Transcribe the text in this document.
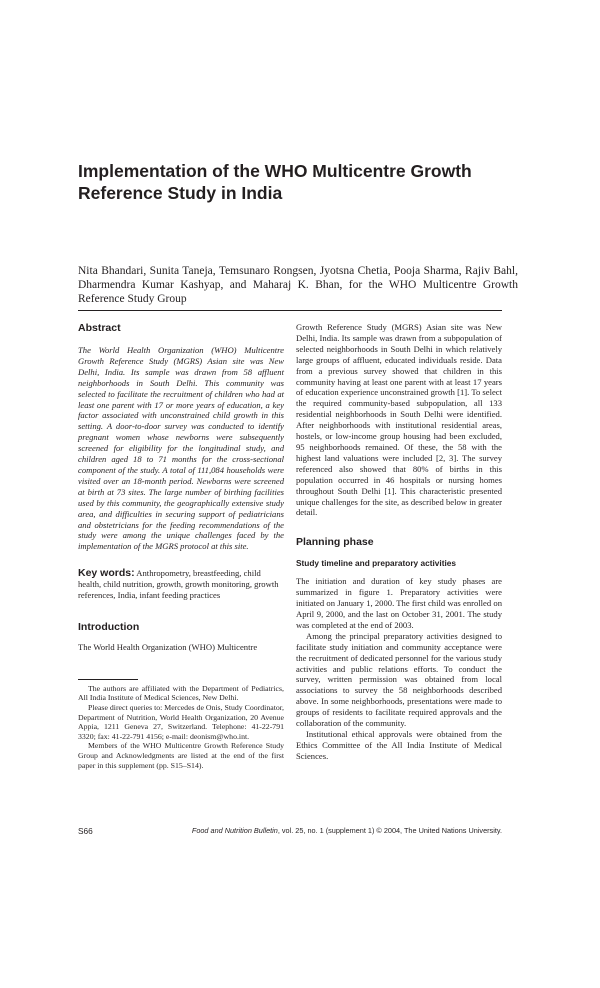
Implementation of the WHO Multicentre Growth Reference Study in India

Nita Bhandari, Sunita Taneja, Temsunaro Rongsen, Jyotsna Chetia, Pooja Sharma, Rajiv Bahl, Dharmendra Kumar Kashyap, and Maharaj K. Bhan, for the WHO Multicentre Growth Reference Study Group

Abstract

The World Health Organization (WHO) Multicentre Growth Reference Study (MGRS) Asian site was New Delhi, India. Its sample was drawn from 58 affluent neighborhoods in South Delhi. This community was selected to facilitate the recruitment of children who had at least one parent with 17 or more years of education, a key factor associated with unconstrained child growth in this setting. A door-to-door survey was conducted to identify pregnant women whose newborns were subsequently screened for eligibility for the longitudinal study, and children aged 18 to 71 months for the cross-sectional component of the study. A total of 111,084 households were visited over an 18-month period. Newborns were screened at birth at 73 sites. The large number of birthing facilities used by this community, the geographically extensive study area, and difficulties in securing support of pediatricians and obstetricians for the feeding recommendations of the study were among the unique challenges faced by the implementation of the MGRS protocol at this site.

Key words: Anthropometry, breastfeeding, child health, child nutrition, growth, growth monitoring, growth references, India, infant feeding practices

Introduction

The World Health Organization (WHO) Multicentre

The authors are affiliated with the Department of Pediatrics, All India Institute of Medical Sciences, New Delhi.

Please direct queries to: Mercedes de Onis, Study Coordinator, Department of Nutrition, World Health Organization, 20 Avenue Appia, 1211 Geneva 27, Switzerland. Telephone: 41-22-791 3320; fax: 41-22-791 4156; e-mail: deonism@who.int.

Members of the WHO Multicentre Growth Reference Study Group and Acknowledgments are listed at the end of the first paper in this supplement (pp. S15–S14).

Growth Reference Study (MGRS) Asian site was New Delhi, India. Its sample was drawn from a subpopulation of selected neighborhoods in South Delhi in which relatively large groups of affluent, educated individuals reside. Data from a previous survey showed that children in this community having at least one parent with at least 17 years of education experience unconstrained growth [1]. To select the required community-based subpopulation, all 133 residential neighborhoods in South Delhi were identified. After neighborhoods with institutional residential areas, hostels, or low-income group housing had been excluded, 95 neighborhoods remained. Of these, the 58 with the highest land valuations were included [2, 3]. The survey referenced also showed that 80% of births in this population occurred in 46 hospitals or nursing homes throughout South Delhi [1]. This characteristic presented unique challenges for the site, as described below in greater detail.

Planning phase
Study timeline and preparatory activities

The initiation and duration of key study phases are summarized in figure 1. Preparatory activities were initiated on January 1, 2000. The first child was enrolled on April 9, 2000, and the last on October 31, 2001. The study was completed at the end of 2003.

Among the principal preparatory activities designed to facilitate study initiation and community acceptance were the recruitment of dedicated personnel for the various study activities and public relations efforts. To conduct the survey, written permission was obtained from local associations to survey the 58 neighborhoods described above. In some neighborhoods, presentations were made to groups of residents to facilitate required approvals and the collaboration of the community.

Institutional ethical approvals were obtained from the Ethics Committee of the All India Institute of Medical Sciences.

S66	Food and Nutrition Bulletin, vol. 25, no. 1 (supplement 1) © 2004, The United Nations University.
